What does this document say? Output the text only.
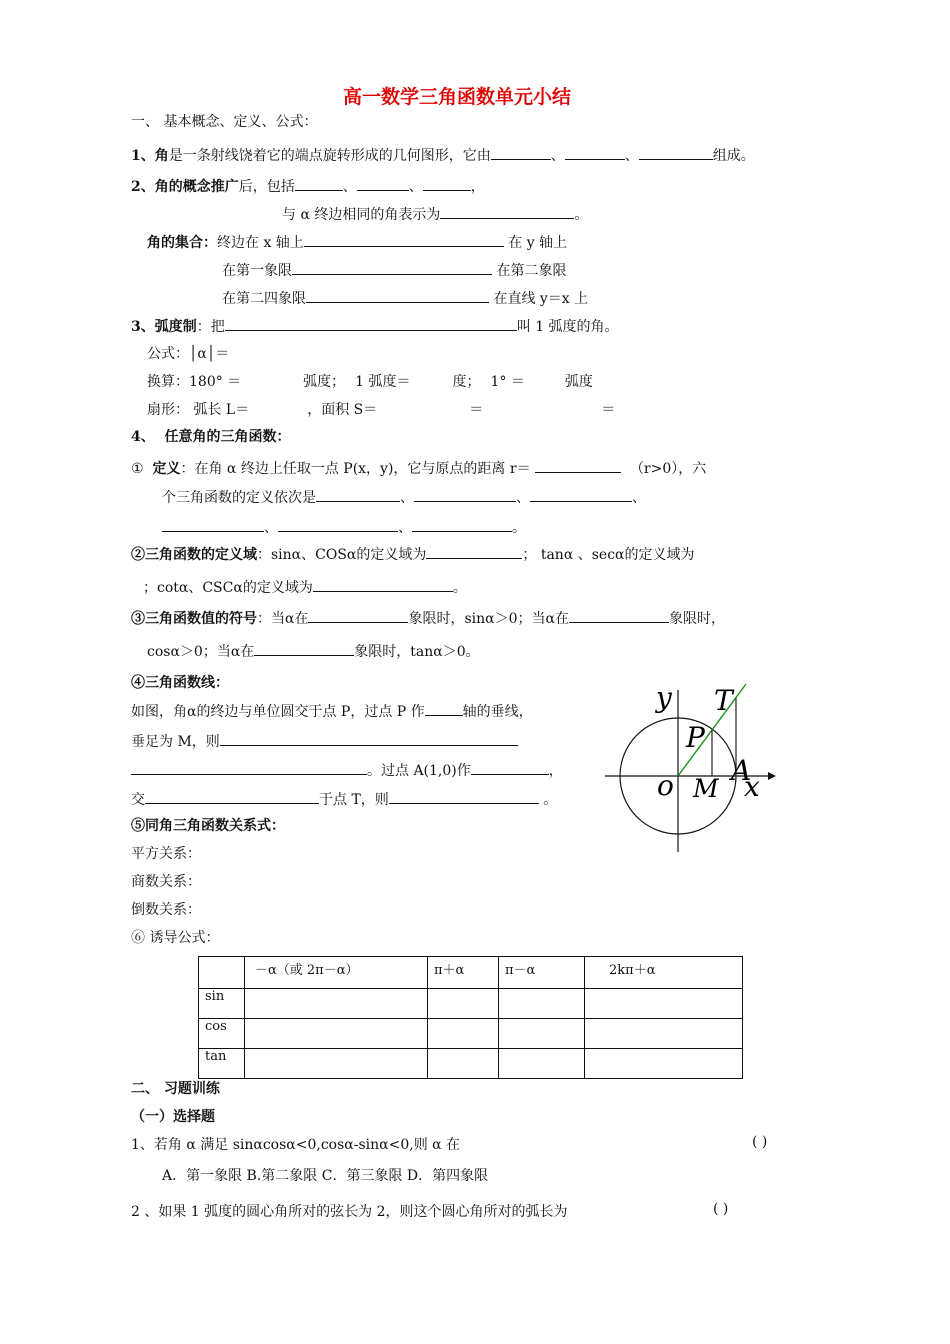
高一数学三角函数单元小结
一、 基本概念、定义、公式：
1、角是一条射线饶着它的端点旋转形成的几何图形，它由	、	、	组成。
2、角的概念推广后，包括	、	、	，
与 α 终边相同的角表示为	。
角的集合：终边在 x 轴上	在 y 轴上
在第一象限	在第二象限
在第二四象限	在直线 y＝x 上
3、弧度制：把	叫 1 弧度的角。
公式：│α│＝
换算：180° ＝	弧度； 1 弧度＝	度； 1° ＝	弧度
扇形： 弧长 L＝	，面积 S＝	＝	＝
4、 任意角的三角函数：
① 定义：在角 α 终边上任取一点 P(x，y)，它与原点的距离 r＝	（r>0），六
个三角函数的定义依次是	、	、	、
、	、	。
②三角函数的定义域：sinα、COSα的定义域为	； tanα 、secα的定义域为
；cotα、CSCα的定义域为	。
③三角函数值的符号：当α在	象限时，sinα＞0；当α在	象限时，
cosα＞0；当α在	象限时，tanα＞0。
④三角函数线：
如图，角α的终边与单位圆交于点 P，过点 P 作	轴的垂线，
垂足为 M，则
。过点 A(1,0)作	，
交	于点 T，则	。
y T
P
o M
A
x
⑤同角三角函数关系式：
平方关系：
商数关系：
倒数关系：
⑥ 诱导公式：
	－α（或 2π－α）	π＋α	π－α	2kπ＋α
sin				
cos				
tan				
二、 习题训练
（一）选择题
1、若角 α 满足 sinαcosα<0,cosα-sinα<0,则 α 在	( )
A．第一象限 B.第二象限 C．第三象限 D．第四象限
2 、如果 1 弧度的圆心角所对的弦长为 2，则这个圆心角所对的弧长为	( )
